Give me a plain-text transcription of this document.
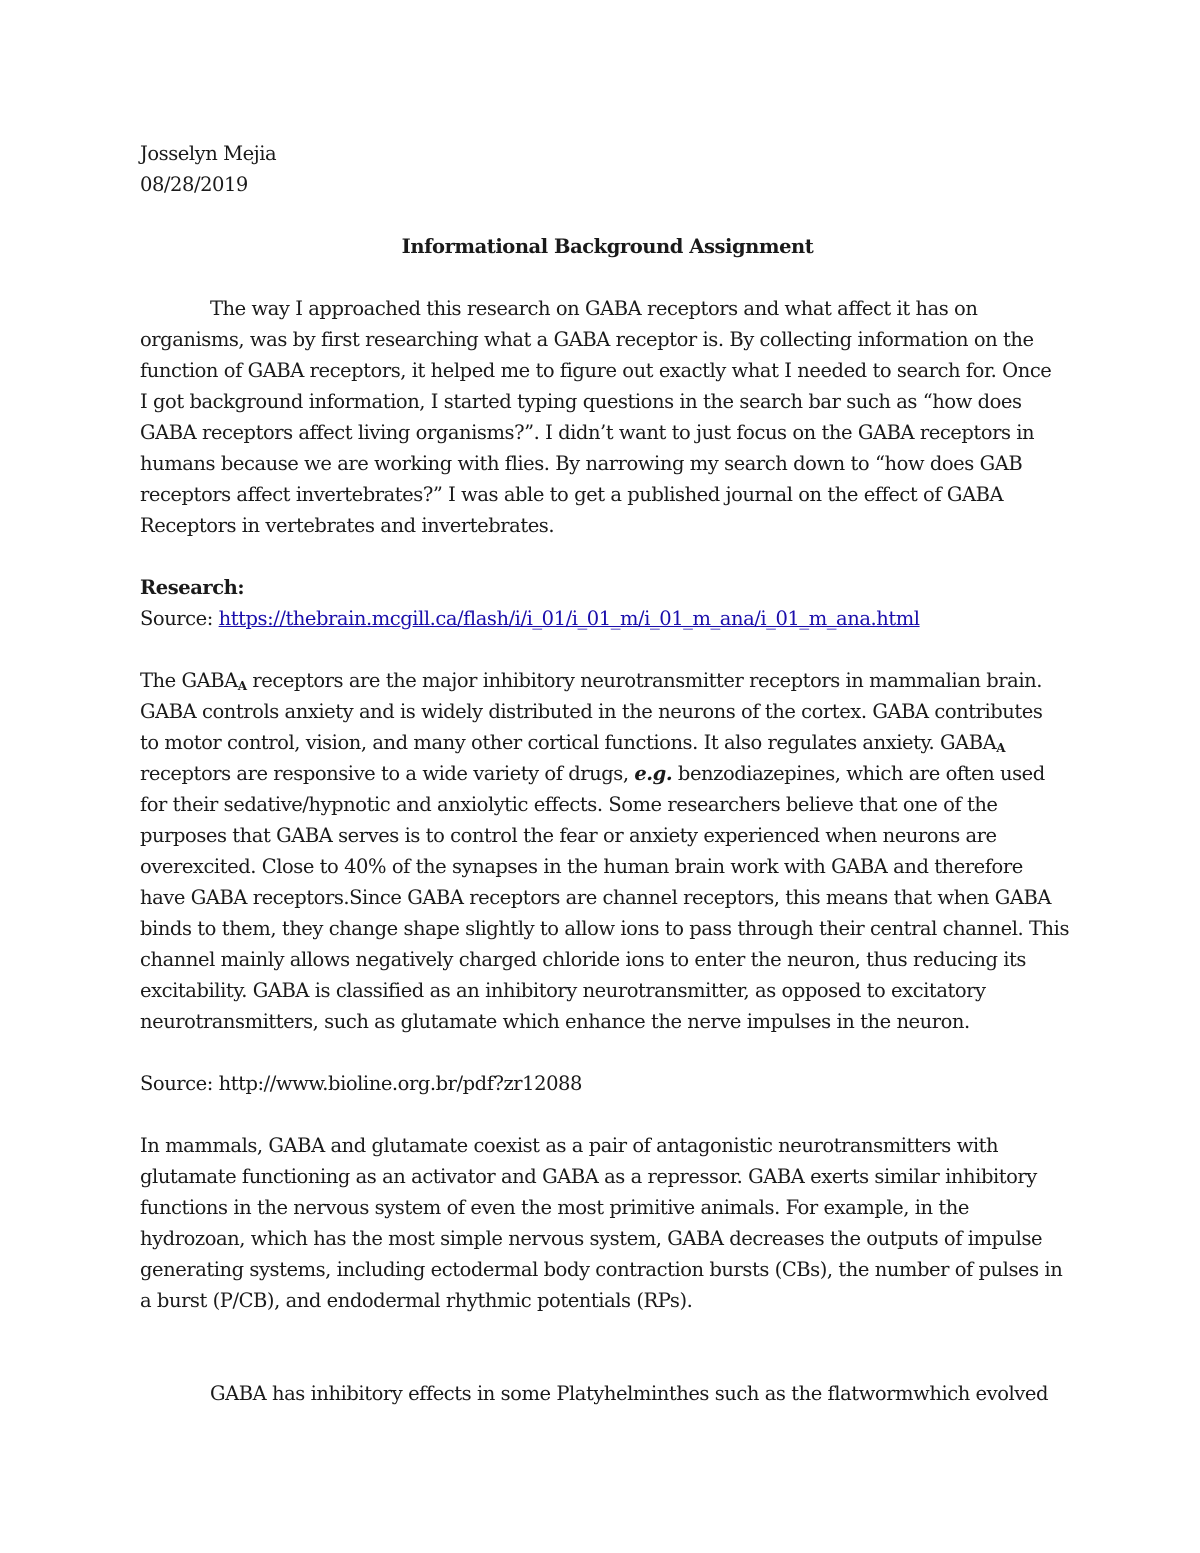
Josselyn Mejia
08/28/2019
Informational Background Assignment
The way I approached this research on GABA receptors and what affect it has on
organisms, was by first researching what a GABA receptor is. By collecting information on the
function of GABA receptors, it helped me to figure out exactly what I needed to search for. Once
I got background information, I started typing questions in the search bar such as “how does
GABA receptors affect living organisms?”. I didn’t want to just focus on the GABA receptors in
humans because we are working with flies. By narrowing my search down to “how does GAB
receptors affect invertebrates?” I was able to get a published journal on the effect of GABA
Receptors in vertebrates and invertebrates.
Research:
Source: https://thebrain.mcgill.ca/flash/i/i_01/i_01_m/i_01_m_ana/i_01_m_ana.html
The $GABA_A$ receptors are the major inhibitory neurotransmitter receptors in mammalian brain.
GABA controls anxiety and is widely distributed in the neurons of the cortex. GABA contributes
to motor control, vision, and many other cortical functions. It also regulates anxiety. $GABA_A$
receptors are responsive to a wide variety of drugs, e.g. benzodiazepines, which are often used
for their sedative/hypnotic and anxiolytic effects. Some researchers believe that one of the
purposes that GABA serves is to control the fear or anxiety experienced when neurons are
overexcited. Close to 40% of the synapses in the human brain work with GABA and therefore
have GABA receptors.Since GABA receptors are channel receptors, this means that when GABA
binds to them, they change shape slightly to allow ions to pass through their central channel. This
channel mainly allows negatively charged chloride ions to enter the neuron, thus reducing its
excitability. GABA is classified as an inhibitory neurotransmitter, as opposed to excitatory
neurotransmitters, such as glutamate which enhance the nerve impulses in the neuron.
Source: http://www.bioline.org.br/pdf?zr12088
In mammals, GABA and glutamate coexist as a pair of antagonistic neurotransmitters with
glutamate functioning as an activator and GABA as a repressor. GABA exerts similar inhibitory
functions in the nervous system of even the most primitive animals. For example, in the
hydrozoan, which has the most simple nervous system, GABA decreases the outputs of impulse
generating systems, including ectodermal body contraction bursts (CBs), the number of pulses in
a burst (P/CB), and endodermal rhythmic potentials (RPs).
GABA has inhibitory effects in some Platyhelminthes such as the flatwormwhich evolved
